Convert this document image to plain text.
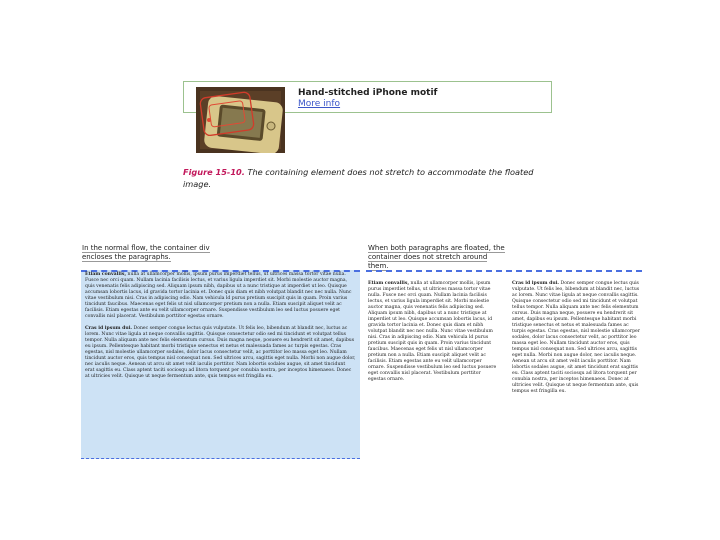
Hand-stitched iPhone motif
More info
Figure 15-10. The containing element does not stretch to accommodate the floated image.
In the normal flow, the container div encloses the paragraphs.

Etiam convallis, nulla at ullamcorper mollis, ipsum purus imperdiet tellus, ut ultrices massa tortor vitae nulla. Fusce nec orci quam. Nullam lacinia facilisis lectus, et varius ligula imperdiet sit. Morbi molestie auctor magna, quis venenatis felis adipiscing sed. Aliquam ipsum nibh, dapibus ut a nunc tristique at imperdiet ut leo. Quisque accumsan lobortis lacus, id gravida tortor lacinia et. Donec quis diam et nibh volutpat blandit nec nec nulla. Nunc vitae vestibulum nisi. Cras in adipiscing odio. Nam vehicula ld purus pretium suscipit quis in quam. Proin varius tincidunt faucibus. Maecenas eget felis ut nisl ullamcorper pretium non a nulla. Etiam suscipit aliquet velit ac facilisis. Etiam egestas ante eu velit ullamcorper ornare. Suspendisse vestibulum leo sed luctus posuere eget convallis nisl placerat. Vestibulum porttitor egestas ornare.

Cras id ipsum dui. Donec semper congue lectus quis vulputate. Ut felis leo, bibendum at blandit nec, luctus ac lorem. Nunc vitae ligula at neque convallis sagittis. Quisque consectetur odio sed mi tincidunt et volutpat tellus tempor. Nulla aliquam ante nec felis elementum cursus. Duis magna neque, posuere eu hendrerit sit amet, dapibus eu ipsum. Pellentesque habitant morbi tristique senectus et netus et malesuada fames ac turpis egestas. Cras egestas, nisl molestie ullamcorper sodales, dolor lacus consectetur velit, ac porttitor leo massa eget leo. Nullam tincidunt auctor eros, quis tempus nisl consequat non. Sed ultrices arcu, sagittis eget nulla. Morbi non augue dolor, nec iaculis neque. Aenean ut arcu sit amet velit iaculis porttitor. Nam lobortis sodales augue, sit amet tincidunt erat sagittis eu. Class aptent taciti sociosqu ad litora torquent per conubia nostra, per inceptos himenaeos. Donec at ultricies velit. Quisque ut neque fermentum ante, quis tempus est fringilla eu.

When both paragraphs are floated, the container does not stretch around them.
Etiam convallis, nulla at ullamcorper mollis, ipsum purus imperdiet tellus, ut ultrices massa tortor vitae nulla. Fusce nec orci quam. Nullam lacinia facilisis lectus, et varius ligula imperdiet sit. Morbi molestie auctor magna, quis venenatis felis adipiscing sed. Aliquam ipsum nibh, dapibus ut a nunc tristique at imperdiet ut leo. Quisque accumsan lobortis lacus, id gravida tortor lacinia et. Donec quis diam et nibh volutpat blandit nec nec nulla. Nunc vitae vestibulum nisi. Cras in adipiscing odio. Nam vehicula ld purus pretium suscipit quis in quam. Proin varius tincidunt faucibus. Maecenas eget felis ut nisl ullamcorper pretium non a nulla. Etiam suscipit aliquet velit ac facilisis. Etiam egestas ante eu velit ullamcorper ornare. Suspendisse vestibulum leo sed luctus posuere eget convallis nisl placerat. Vestibulum porttitor egestas ornare.
Cras id ipsum dui. Donec semper congue lectus quis vulputate. Ut felis leo, bibendum at blandit nec, luctus ac lorem. Nunc vitae ligula at neque convallis sagittis. Quisque consectetur odio sed mi tincidunt et volutpat tellus tempor. Nulla aliquam ante nec felis elementum cursus. Duis magna neque, posuere eu hendrerit sit amet, dapibus eu ipsum. Pellentesque habitant morbi tristique senectus et netus et malesuada fames ac turpis egestas. Cras egestas, nisl molestie ullamcorper sodales, dolor lacus consectetur velit, ac porttitor leo massa eget leo. Nullam tincidunt auctor eros, quis tempus nisl consequat non. Sed ultrices arcu, sagittis eget nulla. Morbi non augue dolor, nec iaculis neque. Aenean ut arcu sit amet velit iaculis porttitor. Nam lobortis sodales augue, sit amet tincidunt erat sagittis eu. Class aptent taciti sociosqu ad litora torquent per conubia nostra, per inceptos himenaeos. Donec at ultricies velit. Quisque ut neque fermentum ante, quis tempus est fringilla eu.
